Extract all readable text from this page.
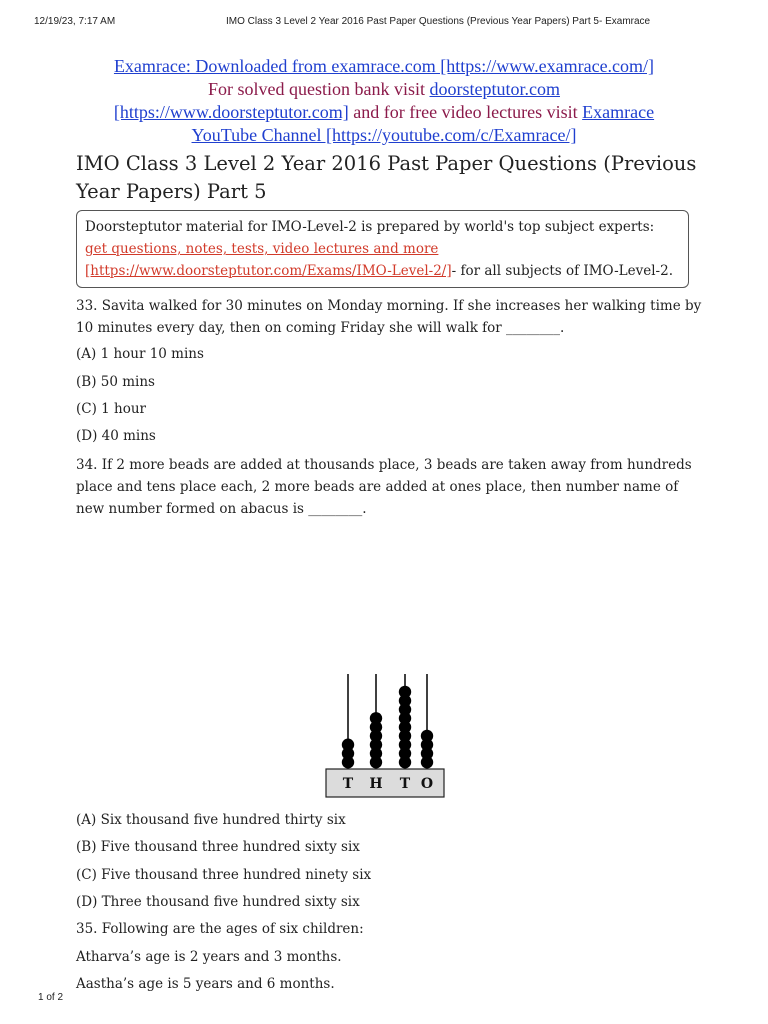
12/19/23, 7:17 AM	IMO Class 3 Level 2 Year 2016 Past Paper Questions (Previous Year Papers) Part 5- Examrace
Examrace: Downloaded from examrace.com [https://www.examrace.com/]
For solved question bank visit doorsteptutor.com
[https://www.doorsteptutor.com] and for free video lectures visit Examrace
YouTube Channel [https://youtube.com/c/Examrace/]
IMO Class 3 Level 2 Year 2016 Past Paper Questions (Previous Year Papers) Part 5
Doorsteptutor material for IMO-Level-2 is prepared by world's top subject experts: get questions, notes, tests, video lectures and more [https://www.doorsteptutor.com/Exams/IMO-Level-2/]- for all subjects of IMO-Level-2.

33. Savita walked for 30 minutes on Monday morning. If she increases her walking time by 10 minutes every day, then on coming Friday she will walk for ________.

(A) 1 hour 10 mins
(B) 50 mins
(C) 1 hour
(D) 40 mins

34. If 2 more beads are added at thousands place, 3 beads are taken away from hundreds place and tens place each, 2 more beads are added at ones place, then number name of new number formed on abacus is ________.

T H T O
(A) Six thousand five hundred thirty six
(B) Five thousand three hundred sixty six
(C) Five thousand three hundred ninety six
(D) Three thousand five hundred sixty six
35. Following are the ages of six children:
Atharva’s age is 2 years and 3 months.
Aastha’s age is 5 years and 6 months.
1 of 2
